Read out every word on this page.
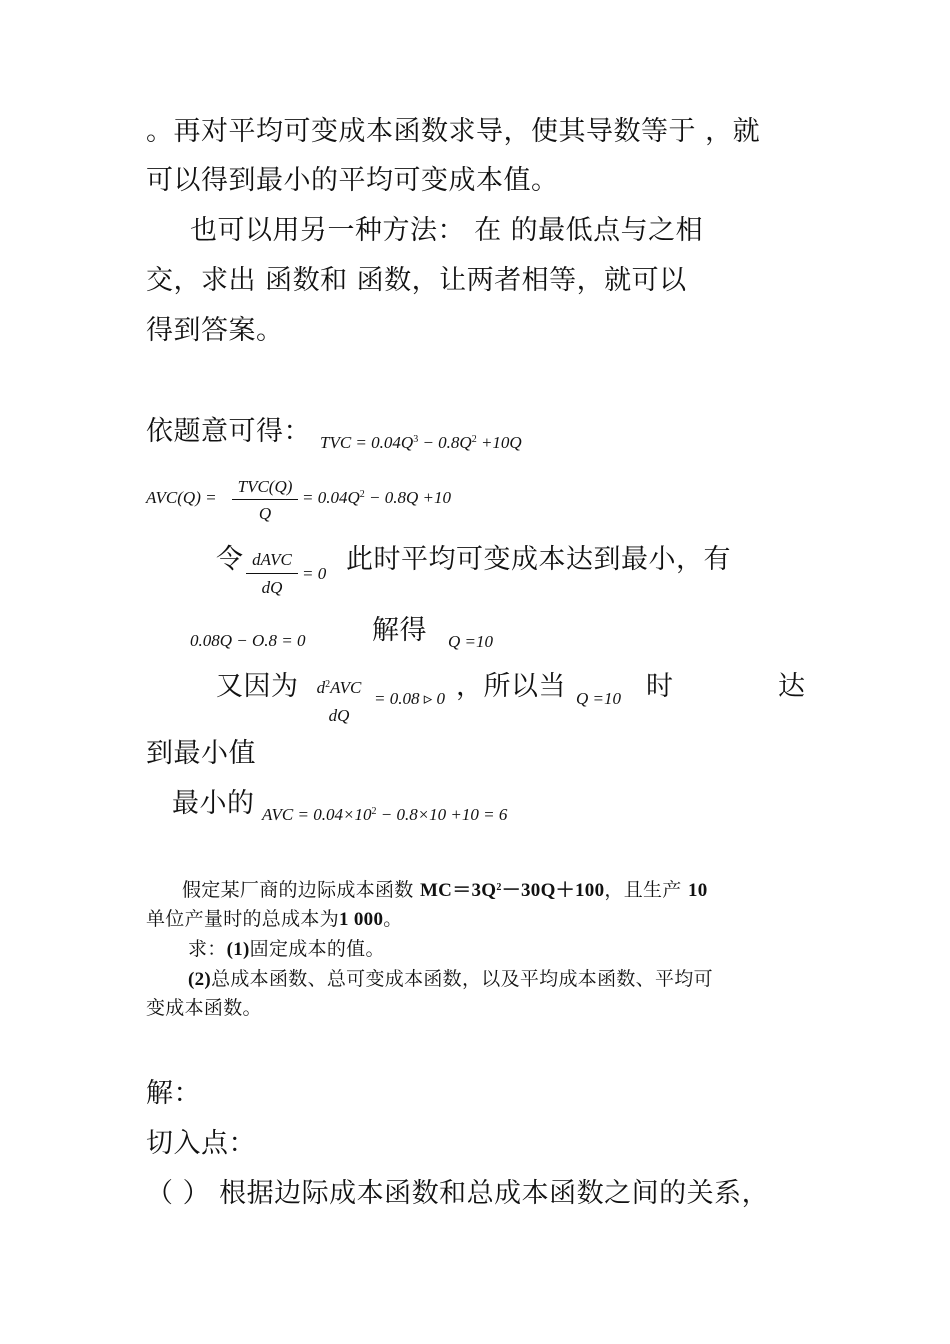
。再对平均可变成本函数求导，使其导数等于 ，就
可以得到最小的平均可变成本值。
也可以用另一种方法： 在 的最低点与之相
交，求出 函数和 函数，让两者相等，就可以
得到答案。
依题意可得： TVC = $0.04Q^3 - 0.8Q^2 +10Q$
AVC(Q) =
TVC(Q)
Q
= $0.04Q^2 - 0.8Q +10$
令 dAVC
dQ
= 0 此时平均可变成本达到最小，有
0.08Q − O.8 = 0 解得 Q =10
又因为	$d^2AVC$
dQ
= 0.08 ▹ 0 ，所以当 Q =10 时	达
到最小值
最小的 AVC = $0.04\times 10^2 - 0.8\times 10 +10 = 6$
假定某厂商的边际成本函数 $MC=3Q^2-30Q+100$，且生产 10
单位产量时的总成本为1 000。
求：(1)固定成本的值。
(2)总成本函数、总可变成本函数，以及平均成本函数、平均可
变成本函数。
解：
切入点：
（ ） 根据边际成本函数和总成本函数之间的关系，
